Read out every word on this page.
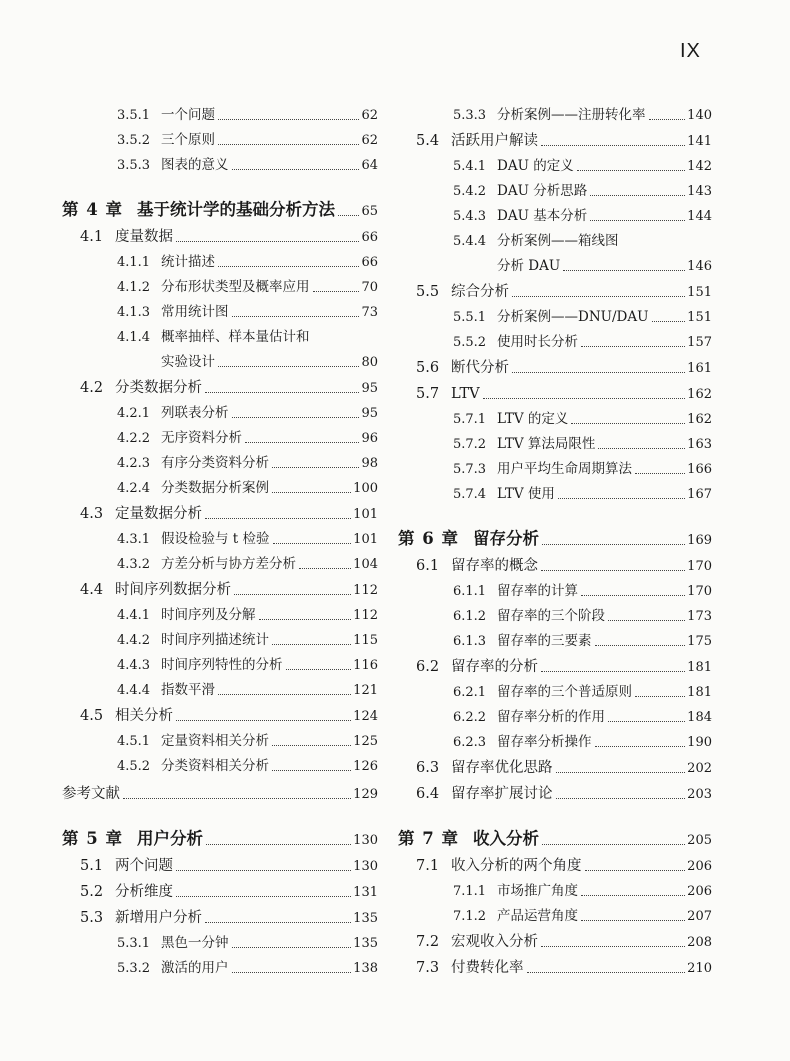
IX
3.5.1 一个问题	62
3.5.2 三个原则	62
3.5.3 图表的意义	64
第 4 章 基于统计学的基础分析方法 65
4.1 度量数据	66
4.1.1 统计描述	66
4.1.2 分布形状类型及概率应用	70
4.1.3 常用统计图	73
4.1.4 概率抽样、样本量估计和
实验设计	80
4.2 分类数据分析	95
4.2.1 列联表分析	95
4.2.2 无序资料分析	96
4.2.3 有序分类资料分析	98
4.2.4 分类数据分析案例	100
4.3 定量数据分析	101
4.3.1 假设检验与 t 检验	101
4.3.2 方差分析与协方差分析	104
4.4 时间序列数据分析	112
4.4.1 时间序列及分解	112
4.4.2 时间序列描述统计	115
4.4.3 时间序列特性的分析	116
4.4.4 指数平滑	121
4.5 相关分析	124
4.5.1 定量资料相关分析	125
4.5.2 分类资料相关分析	126
参考文献	129
第 5 章 用户分析	130
5.1 两个问题	130
5.2 分析维度	131
5.3 新增用户分析	135
5.3.1 黑色一分钟	135
5.3.2 激活的用户	138
5.3.3 分析案例——注册转化率	140
5.4 活跃用户解读	141
5.4.1 DAU 的定义	142
5.4.2 DAU 分析思路	143
5.4.3 DAU 基本分析	144
5.4.4 分析案例——箱线图
分析 DAU	146
5.5 综合分析	151
5.5.1 分析案例——DNU/DAU	151
5.5.2 使用时长分析	157
5.6 断代分析	161
5.7 LTV	162
5.7.1 LTV 的定义	162
5.7.2 LTV 算法局限性	163
5.7.3 用户平均生命周期算法	166
5.7.4 LTV 使用	167
第 6 章 留存分析	169
6.1 留存率的概念	170
6.1.1 留存率的计算	170
6.1.2 留存率的三个阶段	173
6.1.3 留存率的三要素	175
6.2 留存率的分析	181
6.2.1 留存率的三个普适原则	181
6.2.2 留存率分析的作用	184
6.2.3 留存率分析操作	190
6.3 留存率优化思路	202
6.4 留存率扩展讨论	203
第 7 章 收入分析	205
7.1 收入分析的两个角度	206
7.1.1 市场推广角度	206
7.1.2 产品运营角度	207
7.2 宏观收入分析	208
7.3 付费转化率	210
